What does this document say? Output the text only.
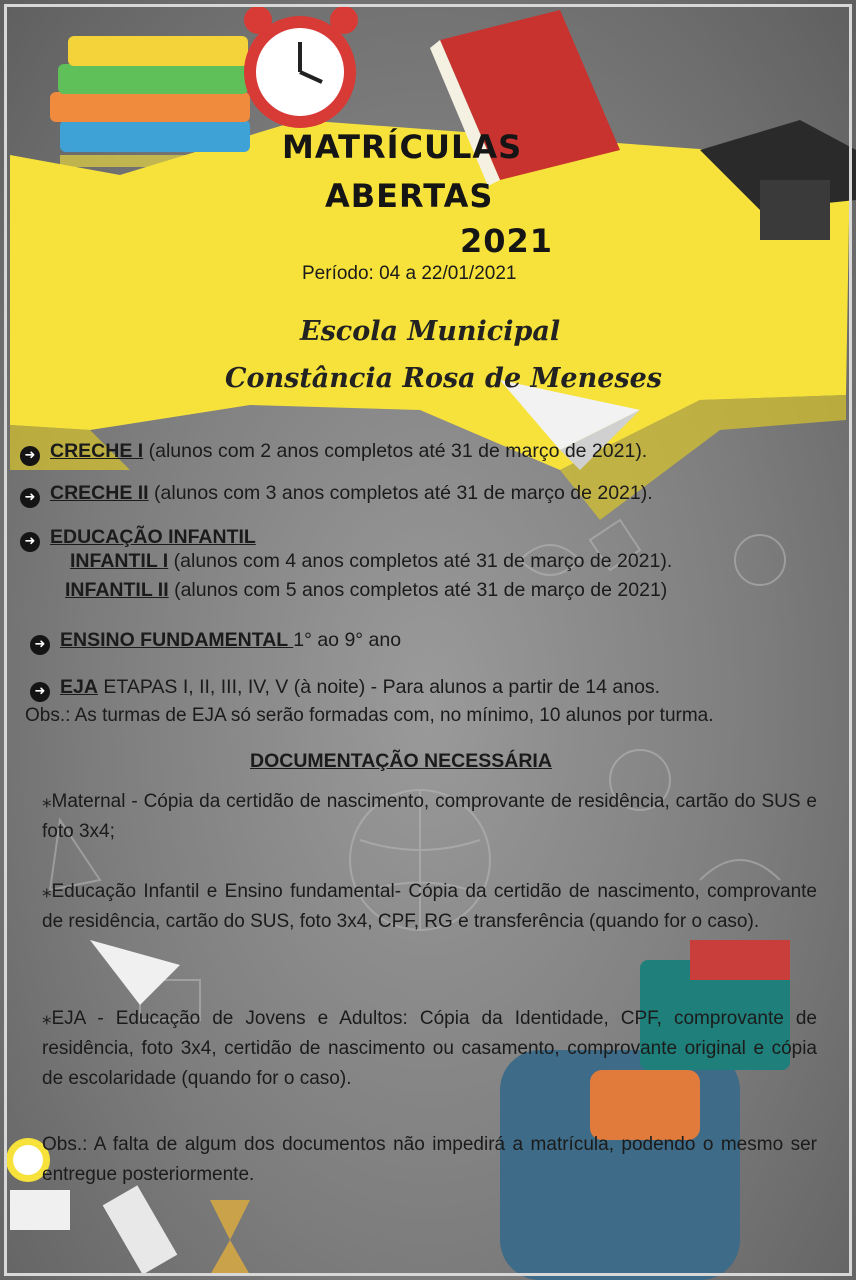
MATRÍCULAS
ABERTAS
2021
Período: 04 a 22/01/2021
Escola Municipal
Constância Rosa de Meneses
➜ CRECHE I (alunos com 2 anos completos até 31 de março de 2021).
➜ CRECHE II (alunos com 3 anos completos até 31 de março de 2021).
➜ EDUCAÇÃO INFANTIL
INFANTIL I (alunos com 4 anos completos até 31 de março de 2021).
INFANTIL II (alunos com 5 anos completos até 31 de março de 2021)
➜ ENSINO FUNDAMENTAL 1° ao 9° ano
➜ EJA ETAPAS I, II, III, IV, V (à noite) - Para alunos a partir de 14 anos.
Obs.: As turmas de EJA só serão formadas com, no mínimo, 10 alunos por turma.
DOCUMENTAÇÃO NECESSÁRIA
⁎Maternal - Cópia da certidão de nascimento, comprovante de residência, cartão do SUS e foto 3x4;
⁎Educação Infantil e Ensino fundamental- Cópia da certidão de nascimento, comprovante de residência, cartão do SUS, foto 3x4, CPF, RG e transferência (quando for o caso).
⁎EJA - Educação de Jovens e Adultos: Cópia da Identidade, CPF, comprovante de residência, foto 3x4, certidão de nascimento ou casamento, comprovante original e cópia de escolaridade (quando for o caso).
Obs.: A falta de algum dos documentos não impedirá a matrícula, podendo o mesmo ser entregue posteriormente.
